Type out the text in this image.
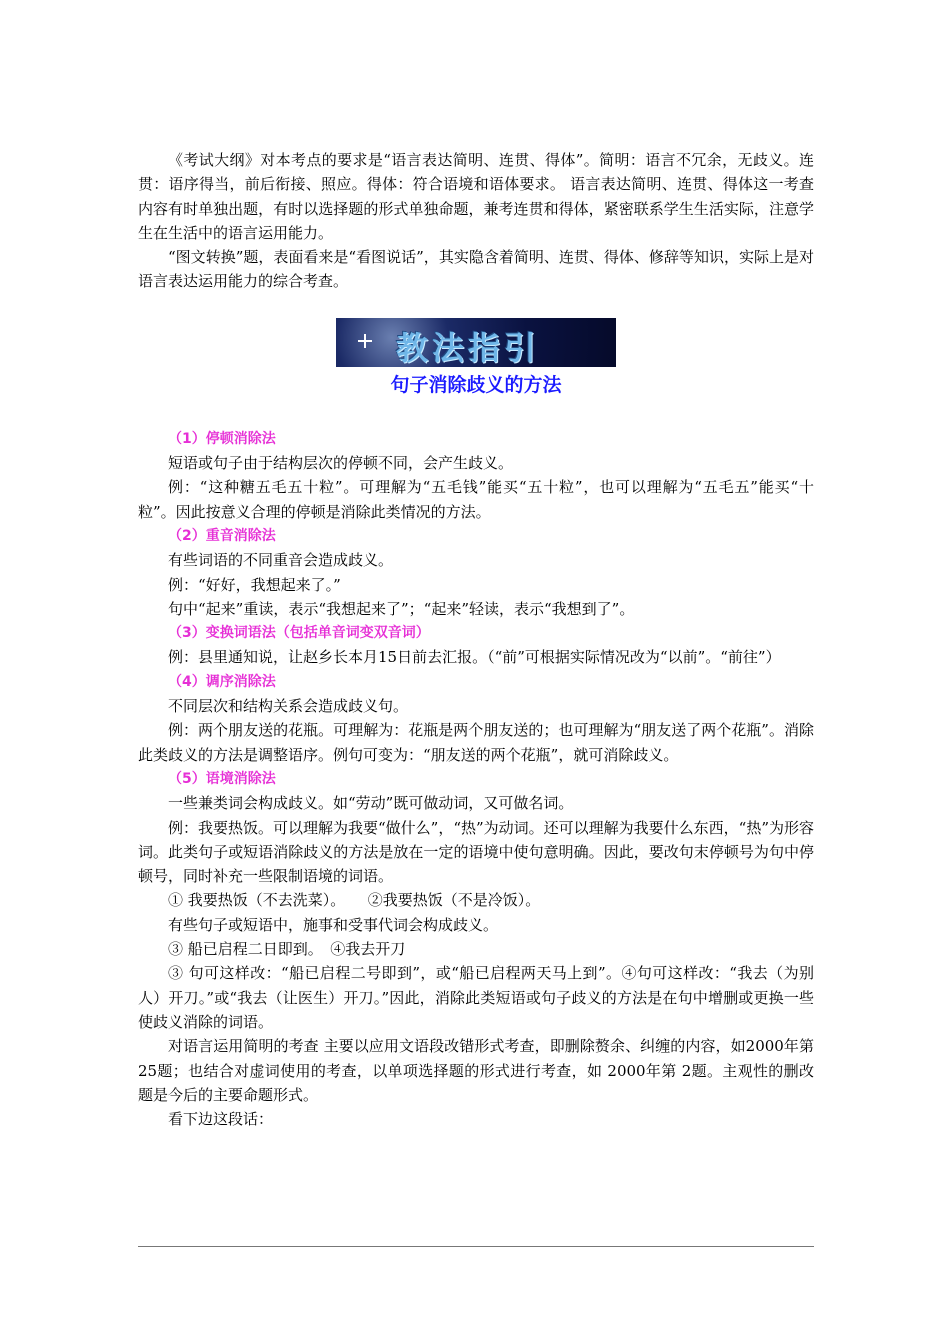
《考试大纲》对本考点的要求是“语言表达简明、连贯、得体”。简明：语言不冗余，无歧义。连贯：语序得当，前后衔接、照应。得体：符合语境和语体要求。 语言表达简明、连贯、得体这一考查内容有时单独出题，有时以选择题的形式单独命题，兼考连贯和得体，紧密联系学生生活实际，注意学生在生活中的语言运用能力。

“图文转换”题，表面看来是“看图说话”，其实隐含着简明、连贯、得体、修辞等知识，实际上是对语言表达运用能力的综合考查。

教法指引
句子消除歧义的方法
（1）停顿消除法

短语或句子由于结构层次的停顿不同，会产生歧义。

例：“这种糖五毛五十粒”。可理解为“五毛钱”能买“五十粒”，也可以理解为“五毛五”能买“十粒”。因此按意义合理的停顿是消除此类情况的方法。

（2）重音消除法

有些词语的不同重音会造成歧义。

例：“好好，我想起来了。”

句中“起来”重读，表示“我想起来了”；“起来”轻读，表示“我想到了”。

（3）变换词语法（包括单音词变双音词）

例：县里通知说，让赵乡长本月15日前去汇报。（“前”可根据实际情况改为“以前”。“前往”）

（4）调序消除法

不同层次和结构关系会造成歧义句。

例：两个朋友送的花瓶。可理解为：花瓶是两个朋友送的；也可理解为“朋友送了两个花瓶”。消除此类歧义的方法是调整语序。例句可变为：“朋友送的两个花瓶”，就可消除歧义。

（5）语境消除法

一些兼类词会构成歧义。如“劳动”既可做动词，又可做名词。

例：我要热饭。可以理解为我要“做什么”，“热”为动词。还可以理解为我要什么东西，“热”为形容词。此类句子或短语消除歧义的方法是放在一定的语境中使句意明确。因此，要改句末停顿号为句中停顿号，同时补充一些限制语境的词语。

① 我要热饭（不去洗菜）。　　②我要热饭（不是冷饭）。

有些句子或短语中，施事和受事代词会构成歧义。

③ 船已启程二日即到。　④我去开刀

③ 句可这样改：“船已启程二号即到”，或“船已启程两天马上到”。④句可这样改：“我去（为别人）开刀。”或“我去（让医生）开刀。”因此，消除此类短语或句子歧义的方法是在句中增删或更换一些使歧义消除的词语。

对语言运用简明的考查 主要以应用文语段改错形式考查，即删除赘余、纠缠的内容，如2000年第 25题；也结合对虚词使用的考查，以单项选择题的形式进行考查，如 2000年第 2题。主观性的删改题是今后的主要命题形式。

看下边这段话：
